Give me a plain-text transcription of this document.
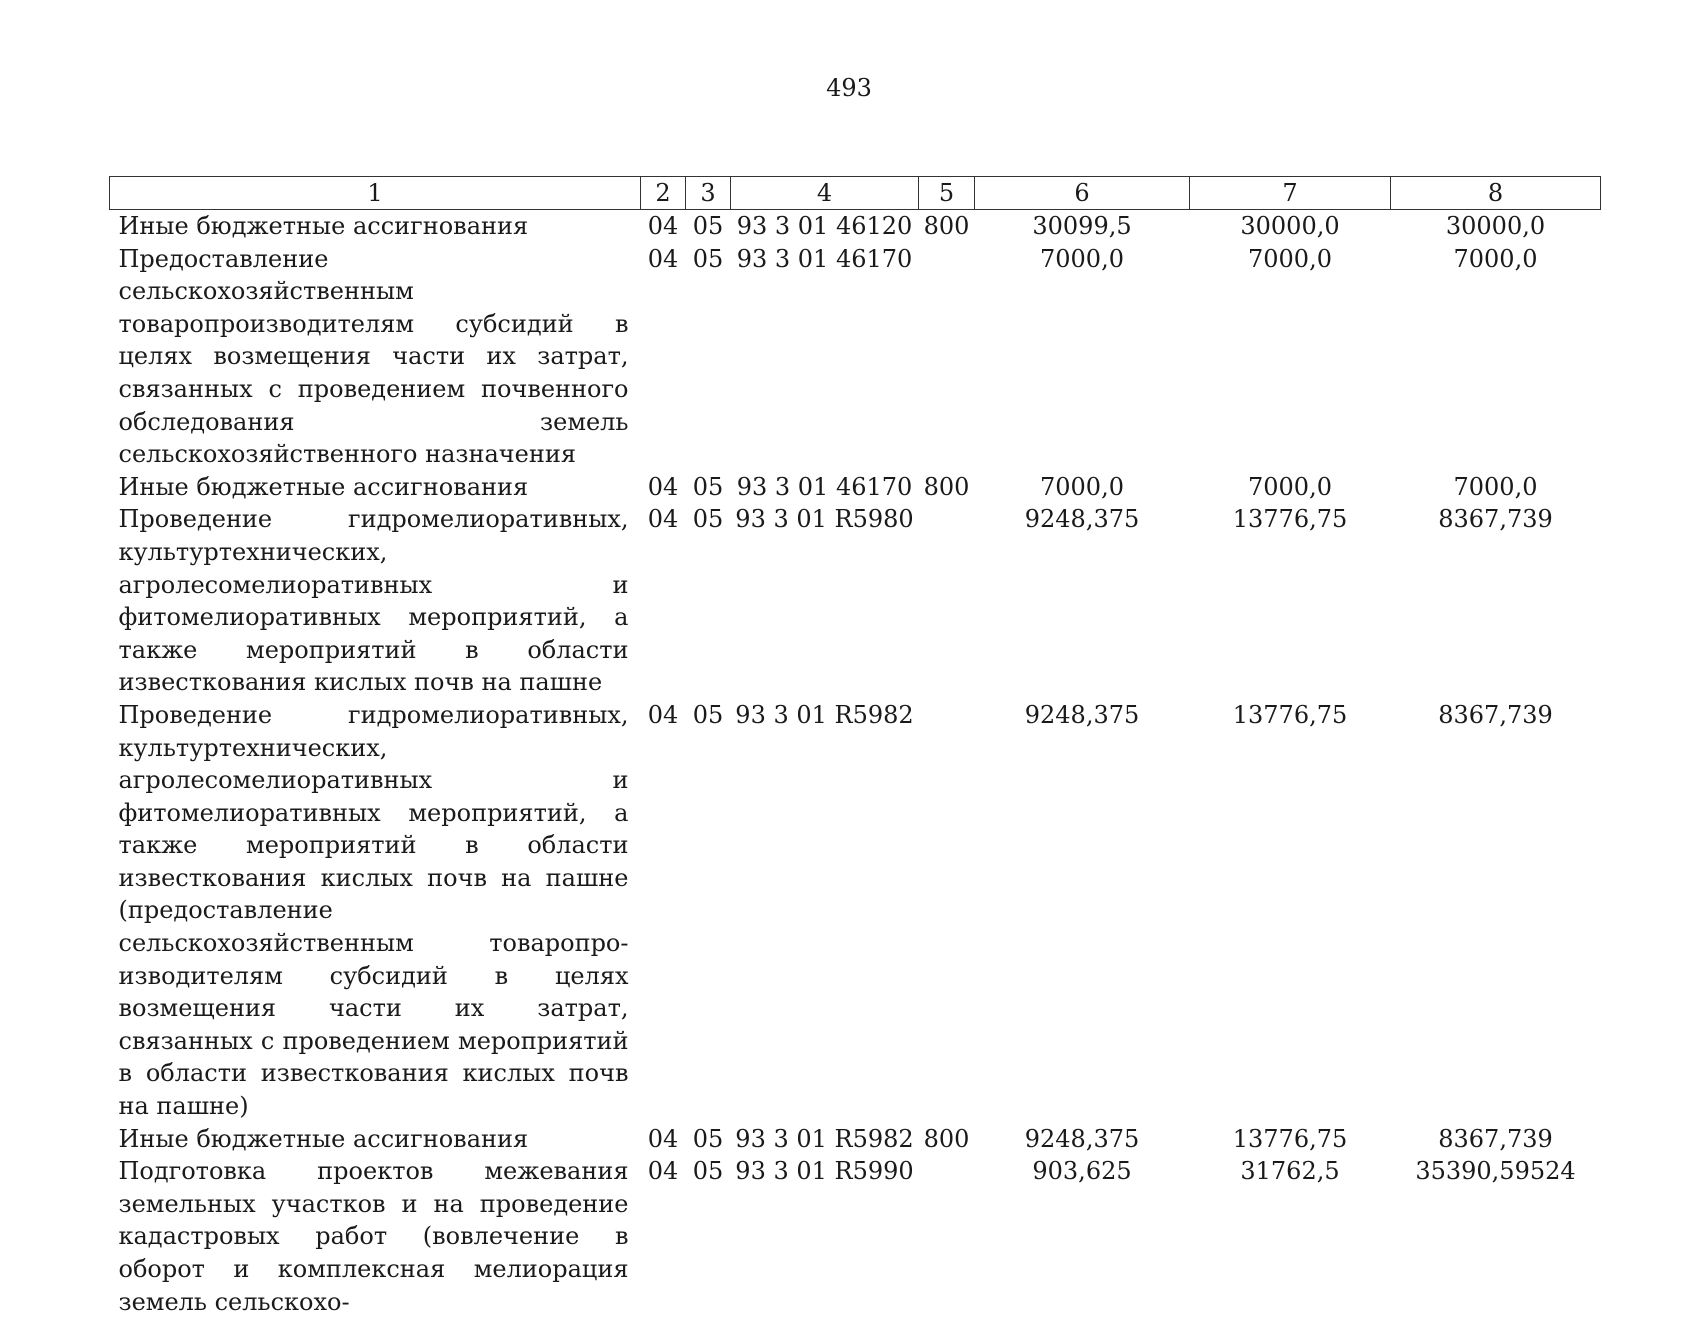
493
1	2	3	4	5	6	7	8
Иные бюджетные ассигнования	04	05	93 3 01 46120	800	30099,5	30000,0	30000,0
Предоставление сельскохозяйственным товаропроизводителям субсидий в целях возмещения части их затрат, связанных с проведением почвенного обследования земель сельскохозяйственного назначения	04	05	93 3 01 46170		7000,0	7000,0	7000,0
Иные бюджетные ассигнования	04	05	93 3 01 46170	800	7000,0	7000,0	7000,0
Проведение гидромелиоративных, культуртехнических, агролесомелиоративных и фитомелиоративных мероприятий, а также мероприятий в области известкования кислых почв на пашне	04	05	93 3 01 R5980		9248,375	13776,75	8367,739
Проведение гидромелиоративных, культуртехнических, агролесомелиоративных и фитомелиоративных мероприятий, а также мероприятий в области известкования кислых почв на пашне (предоставление сельскохозяйственным товаропроизводителям субсидий в целях возмещения части их затрат, связанных с проведением мероприятий в области известкования кислых почв на пашне)	04	05	93 3 01 R5982		9248,375	13776,75	8367,739
Иные бюджетные ассигнования	04	05	93 3 01 R5982	800	9248,375	13776,75	8367,739
Подготовка проектов межевания земельных участков и на проведение кадастровых работ (вовлечение в оборот и комплексная мелиорация земель сельскохо-	04	05	93 3 01 R5990		903,625	31762,5	35390,59524
